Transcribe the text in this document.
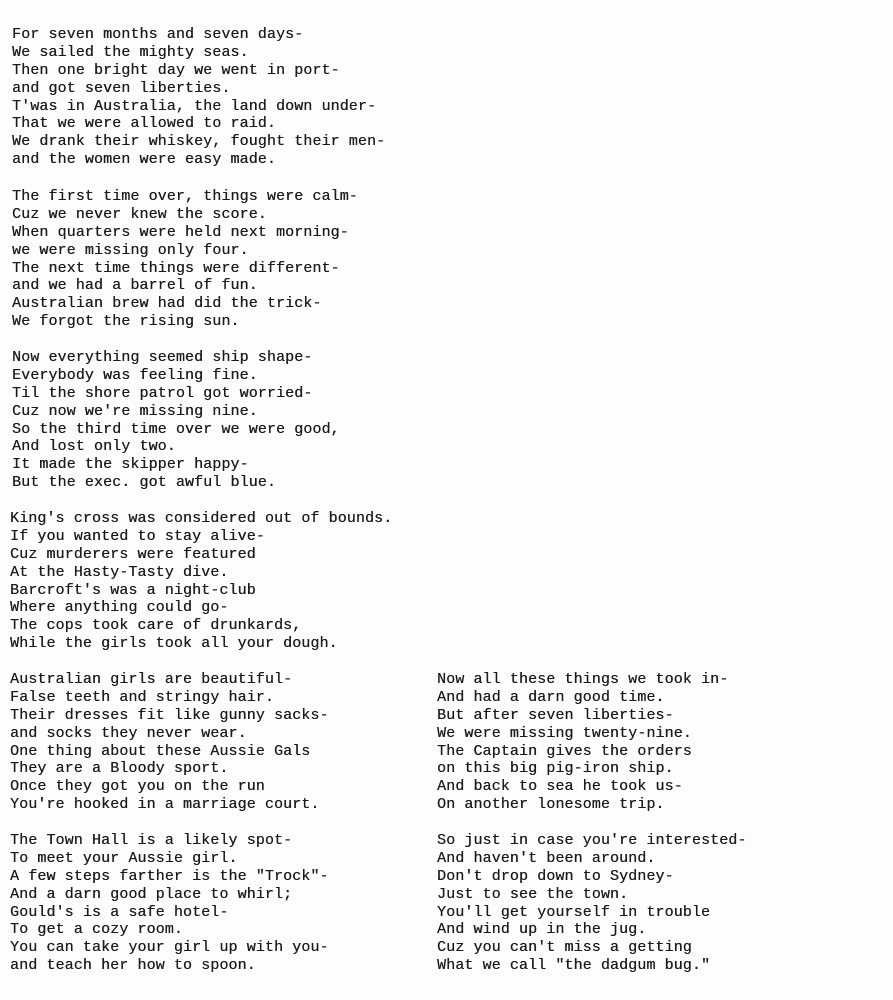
For seven months and seven days-
We sailed the mighty seas.
Then one bright day we went in port-
and got seven liberties.
T'was in Australia, the land down under-
That we were allowed to raid.
We drank their whiskey, fought their men-
and the women were easy made.
The first time over, things were calm-
Cuz we never knew the score.
When quarters were held next morning-
we were missing only four.
The next time things were different-
and we had a barrel of fun.
Australian brew had did the trick-
We forgot the rising sun.
Now everything seemed ship shape-
Everybody was feeling fine.
Til the shore patrol got worried-
Cuz now we're missing nine.
So the third time over we were good,
And lost only two.
It made the skipper happy-
But the exec. got awful blue.
King's cross was considered out of bounds.
If you wanted to stay alive-
Cuz murderers were featured
At the Hasty-Tasty dive.
Barcroft's was a night-club
Where anything could go-
The cops took care of drunkards,
While the girls took all your dough.
Australian girls are beautiful-
False teeth and stringy hair.
Their dresses fit like gunny sacks-
and socks they never wear.
One thing about these Aussie Gals
They are a Bloody sport.
Once they got you on the run
You're hooked in a marriage court.
The Town Hall is a likely spot-
To meet your Aussie girl.
A few steps farther is the "Trock"-
And a darn good place to whirl;
Gould's is a safe hotel-
To get a cozy room.
You can take your girl up with you-
and teach her how to spoon.
Now all these things we took in-
And had a darn good time.
But after seven liberties-
We were missing twenty-nine.
The Captain gives the orders
on this big pig-iron ship.
And back to sea he took us-
On another lonesome trip.
So just in case you're interested-
And haven't been around.
Don't drop down to Sydney-
Just to see the town.
You'll get yourself in trouble
And wind up in the jug.
Cuz you can't miss a getting
What we call "the dadgum bug."
